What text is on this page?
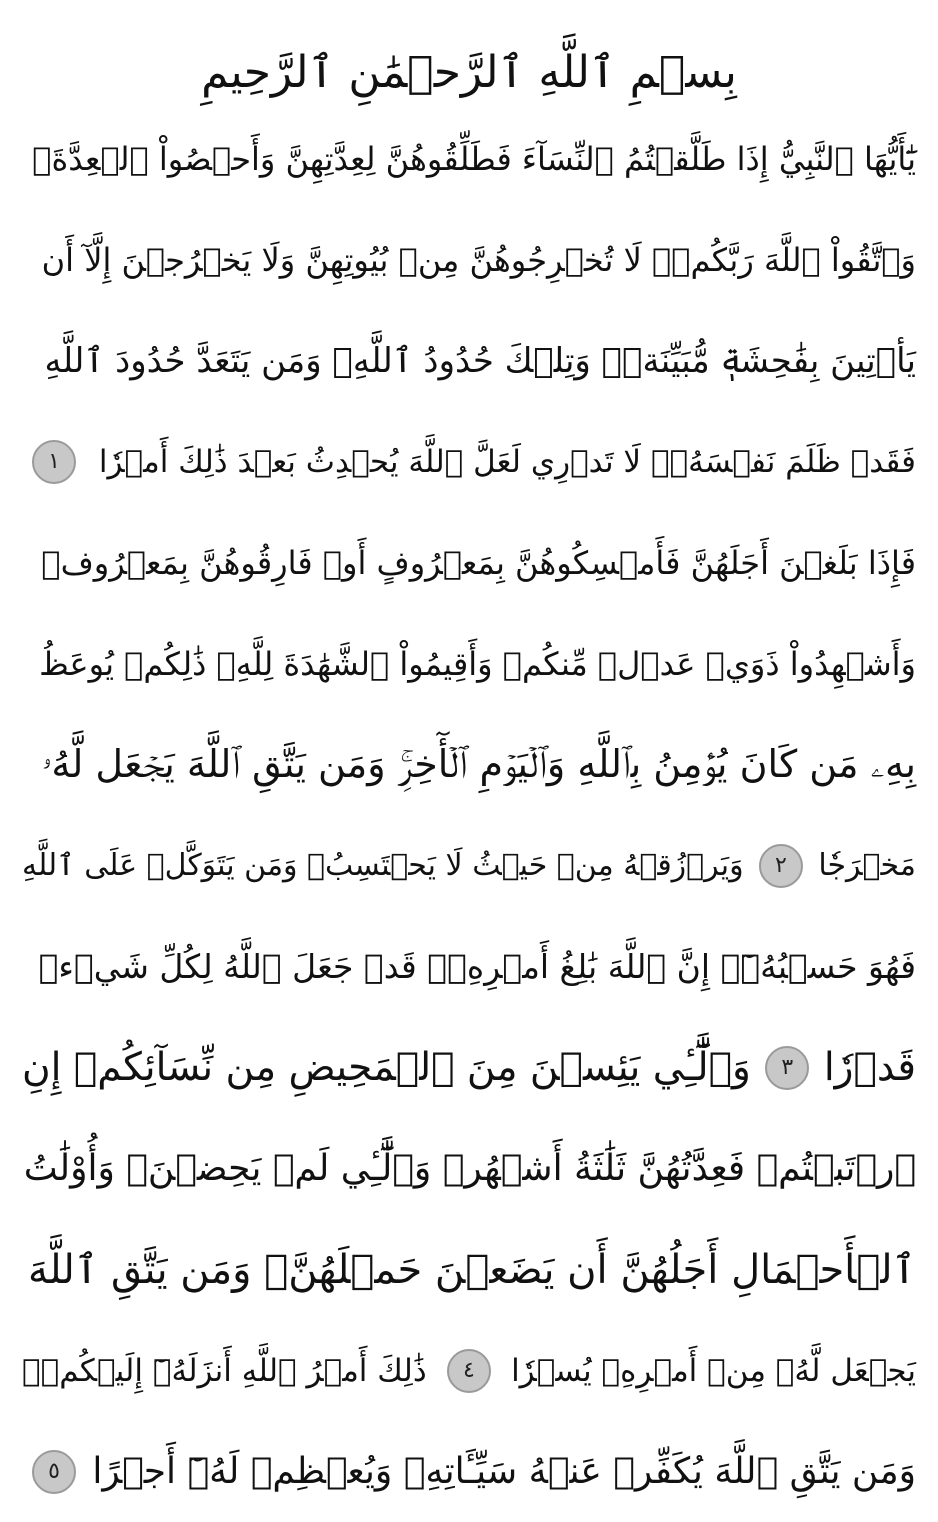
بِسۡمِ ٱللَّهِ ٱلرَّحۡمَٰنِ ٱلرَّحِيمِ
يَٰٓأَيُّهَا ٱلنَّبِيُّ إِذَا طَلَّقۡتُمُ ٱلنِّسَآءَ فَطَلِّقُوهُنَّ لِعِدَّتِهِنَّ وَأَحۡصُواْ ٱلۡعِدَّةَۖ
وَٱتَّقُواْ ٱللَّهَ رَبَّكُمۡۖ لَا تُخۡرِجُوهُنَّ مِنۢ بُيُوتِهِنَّ وَلَا يَخۡرُجۡنَ إِلَّآ أَن
يَأۡتِينَ بِفَٰحِشَةٖ مُّبَيِّنَةٖۚ وَتِلۡكَ حُدُودُ ٱللَّهِۚ وَمَن يَتَعَدَّ حُدُودَ ٱللَّهِ
فَقَدۡ ظَلَمَ نَفۡسَهُۥۚ لَا تَدۡرِي لَعَلَّ ٱللَّهَ يُحۡدِثُ بَعۡدَ ذَٰلِكَ أَمۡرٗا
١
فَإِذَا بَلَغۡنَ أَجَلَهُنَّ فَأَمۡسِكُوهُنَّ بِمَعۡرُوفٍ أَوۡ فَارِقُوهُنَّ بِمَعۡرُوفٖ
وَأَشۡهِدُواْ ذَوَيۡ عَدۡلٖ مِّنكُمۡ وَأَقِيمُواْ ٱلشَّهَٰدَةَ لِلَّهِۚ ذَٰلِكُمۡ يُوعَظُ
بِهِۦ مَن كَانَ يُؤۡمِنُ بِٱللَّهِ وَٱلۡيَوۡمِ ٱلۡأٓخِرِۚ وَمَن يَتَّقِ ٱللَّهَ يَجۡعَل لَّهُۥ
مَخۡرَجٗا
٢
وَيَرۡزُقۡهُ مِنۡ حَيۡثُ لَا يَحۡتَسِبُۚ وَمَن يَتَوَكَّلۡ عَلَى ٱللَّهِ
فَهُوَ حَسۡبُهُۥٓۚ إِنَّ ٱللَّهَ بَٰلِغُ أَمۡرِهِۦۚ قَدۡ جَعَلَ ٱللَّهُ لِكُلِّ شَيۡءٖ
قَدۡرٗا
٣
وَٱلَّٰٓـِٔي يَئِسۡنَ مِنَ ٱلۡمَحِيضِ مِن نِّسَآئِكُمۡ إِنِ
ٱرۡتَبۡتُمۡ فَعِدَّتُهُنَّ ثَلَٰثَةُ أَشۡهُرٖ وَٱلَّٰٓـِٔي لَمۡ يَحِضۡنَۚ وَأُوْلَٰتُ
ٱلۡأَحۡمَالِ أَجَلُهُنَّ أَن يَضَعۡنَ حَمۡلَهُنَّۚ وَمَن يَتَّقِ ٱللَّهَ
يَجۡعَل لَّهُۥ مِنۡ أَمۡرِهِۦ يُسۡرٗا
٤
ذَٰلِكَ أَمۡرُ ٱللَّهِ أَنزَلَهُۥٓ إِلَيۡكُمۡۚ
وَمَن يَتَّقِ ٱللَّهَ يُكَفِّرۡ عَنۡهُ سَيِّـَٔاتِهِۦ وَيُعۡظِمۡ لَهُۥٓ أَجۡرًا
٥
